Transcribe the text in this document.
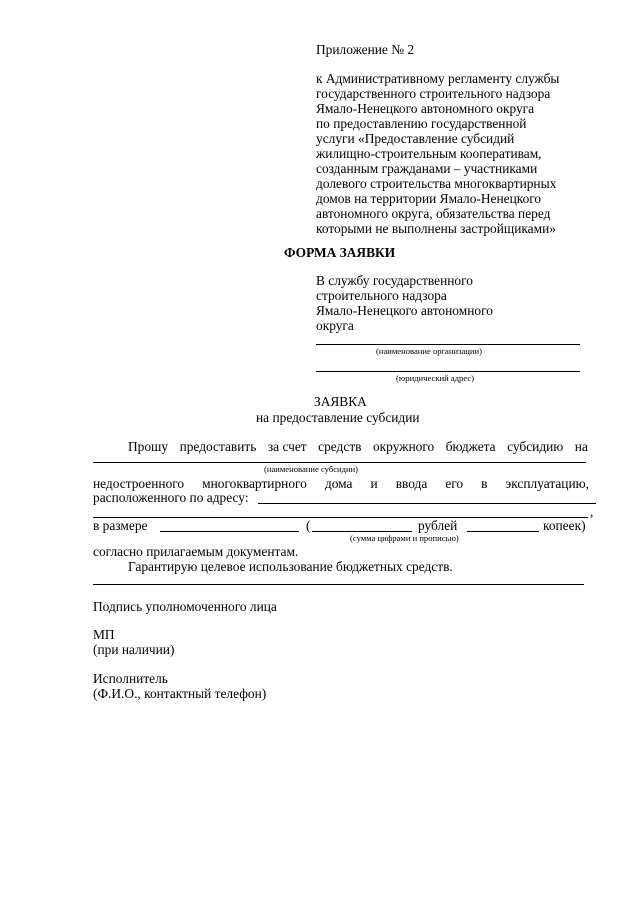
Приложение № 2
к Административному регламенту службы
государственного строительного надзора
Ямало-Ненецкого автономного округа
по предоставлению государственной
услуги «Предоставление субсидий
жилищно-строительным кооперативам,
созданным гражданами – участниками
долевого строительства многоквартирных
домов на территории Ямало-Ненецкого
автономного округа, обязательства перед
которыми не выполнены застройщиками»
ФОРМА ЗАЯВКИ
В службу государственного
строительного надзора
Ямало-Ненецкого автономного
округа
(наименование организации)
(юридический адрес)
ЗАЯВКА
на предоставление субсидии
Прошу предоставить за счет средств окружного бюджета субсидию на
(наименование субсидии)
недостроенного многоквартирного дома и ввода его в эксплуатацию,
расположенного по адресу:
,
в размере	(	рублей	копеек)
(сумма цифрами и прописью)
согласно прилагаемым документам.
Гарантирую целевое использование бюджетных средств.
Подпись уполномоченного лица
МП
(при наличии)
Исполнитель
(Ф.И.О., контактный телефон)
